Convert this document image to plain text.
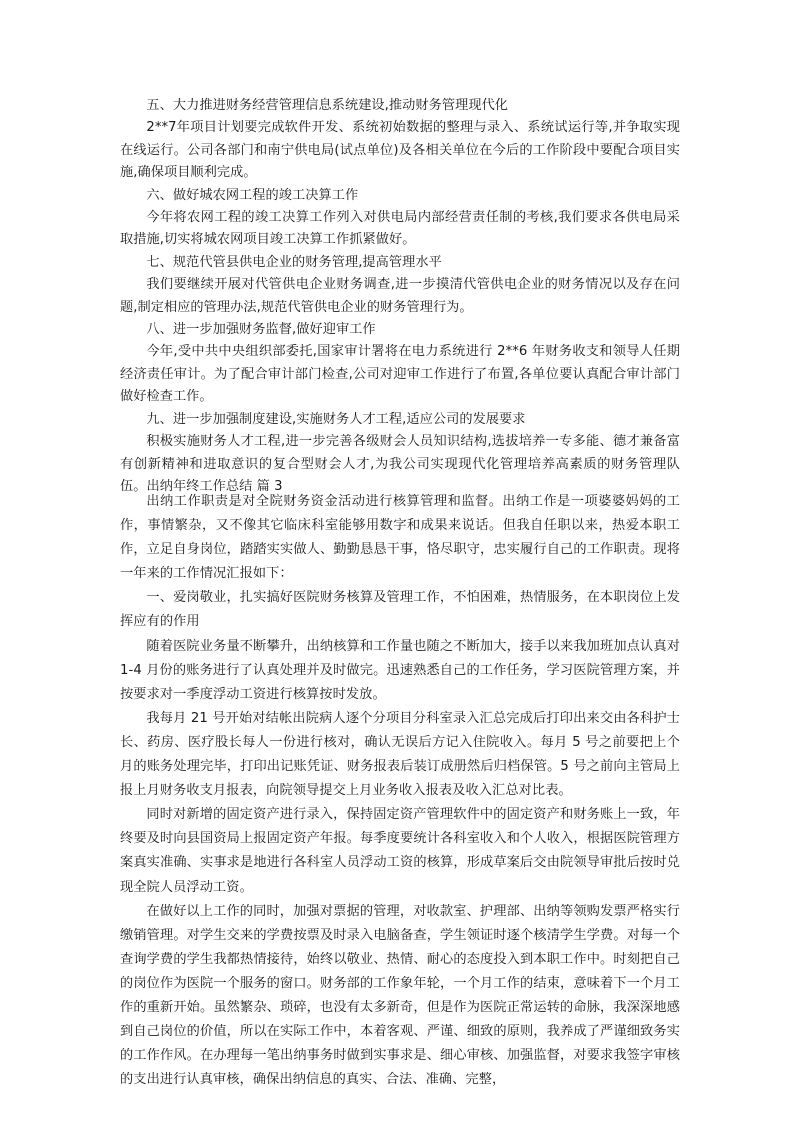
五、大力推进财务经营管理信息系统建设,推动财务管理现代化

2**7年项目计划要完成软件开发、系统初始数据的整理与录入、系统试运行等,并争取实现在线运行。公司各部门和南宁供电局(试点单位)及各相关单位在今后的工作阶段中要配合项目实施,确保项目顺利完成。

六、做好城农网工程的竣工决算工作

今年将农网工程的竣工决算工作列入对供电局内部经营责任制的考核,我们要求各供电局采取措施,切实将城农网项目竣工决算工作抓紧做好。

七、规范代管县供电企业的财务管理,提高管理水平

我们要继续开展对代管供电企业财务调查,进一步摸清代管供电企业的财务情况以及存在问题,制定相应的管理办法,规范代管供电企业的财务管理行为。

八、进一步加强财务监督,做好迎审工作

今年,受中共中央组织部委托,国家审计署将在电力系统进行 2**6 年财务收支和领导人任期经济责任审计。为了配合审计部门检查,公司对迎审工作进行了布置,各单位要认真配合审计部门做好检查工作。

九、进一步加强制度建设,实施财务人才工程,适应公司的发展要求

积极实施财务人才工程,进一步完善各级财会人员知识结构,选拔培养一专多能、德才兼备富有创新精神和进取意识的复合型财会人才,为我公司实现现代化管理培养高素质的财务管理队伍。出纳年终工作总结 篇 3

出纳工作职责是对全院财务资金活动进行核算管理和监督。出纳工作是一项婆婆妈妈的工作，事情繁杂，又不像其它临床科室能够用数字和成果来说话。但我自任职以来，热爱本职工作，立足自身岗位，踏踏实实做人、勤勤恳恳干事，恪尽职守，忠实履行自己的工作职责。现将一年来的工作情况汇报如下：

一、爱岗敬业，扎实搞好医院财务核算及管理工作，不怕困难，热情服务，在本职岗位上发挥应有的作用

随着医院业务量不断攀升，出纳核算和工作量也随之不断加大，接手以来我加班加点认真对 1-4 月份的账务进行了认真处理并及时做完。迅速熟悉自己的工作任务，学习医院管理方案，并按要求对一季度浮动工资进行核算按时发放。

我每月 21 号开始对结帐出院病人逐个分项目分科室录入汇总完成后打印出来交由各科护士长、药房、医疗股长每人一份进行核对，确认无误后方记入住院收入。每月 5 号之前要把上个月的账务处理完毕，打印出记账凭证、财务报表后装订成册然后归档保管。5 号之前向主管局上报上月财务收支月报表，向院领导提交上月业务收入报表及收入汇总对比表。

同时对新增的固定资产进行录入，保持固定资产管理软件中的固定资产和财务账上一致，年终要及时向县国资局上报固定资产年报。每季度要统计各科室收入和个人收入，根据医院管理方案真实准确、实事求是地进行各科室人员浮动工资的核算，形成草案后交由院领导审批后按时兑现全院人员浮动工资。

在做好以上工作的同时，加强对票据的管理，对收款室、护理部、出纳等领购发票严格实行缴销管理。对学生交来的学费按票及时录入电脑备查，学生领证时逐个核清学生学费。对每一个查询学费的学生我都热情接待，始终以敬业、热情、耐心的态度投入到本职工作中。时刻把自己的岗位作为医院一个服务的窗口。财务部的工作象年轮，一个月工作的结束，意味着下一个月工作的重新开始。虽然繁杂、琐碎，也没有太多新奇，但是作为医院正常运转的命脉，我深深地感到自己岗位的价值，所以在实际工作中，本着客观、严谨、细致的原则，我养成了严谨细致务实的工作作风。在办理每一笔出纳事务时做到实事求是、细心审核、加强监督，对要求我签字审核的支出进行认真审核，确保出纳信息的真实、合法、准确、完整，
